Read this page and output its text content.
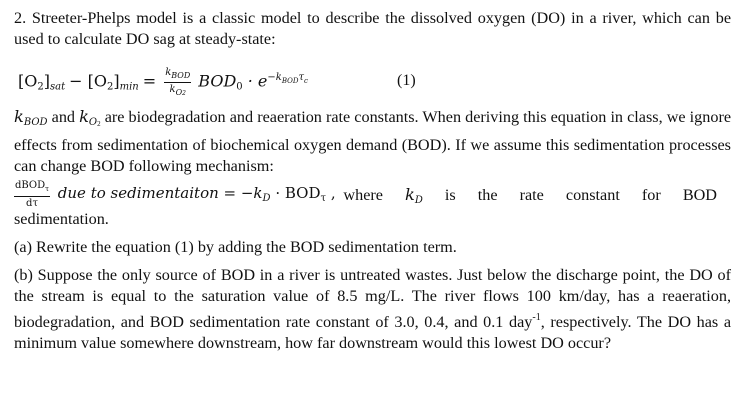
2. Streeter-Phelps model is a classic model to describe the dissolved oxygen (DO) in a river, which can be used to calculate DO sag at steady-state:

$[O_2]_{sat} - [O_2]_{min} = \frac{k_{BOD}}{k_{O2}} BOD_0 \cdot e^{-k_{BOD}\tau_c}$	(1)

$k_{BOD}$ and $k_{O2}$ are biodegradation and reaeration rate constants. When deriving this equation in class, we ignore effects from sedimentation of biochemical oxygen demand (BOD). If we assume this sedimentation processes can change BOD following mechanism:

$\frac{dBOD_\tau}{d\tau}$ due to sedimentaiton = $-k_D \cdot BOD_\tau$ , where $k_D$ is the rate constant for BOD

sedimentation.

(a) Rewrite the equation (1) by adding the BOD sedimentation term.

(b) Suppose the only source of BOD in a river is untreated wastes. Just below the discharge point, the DO of the stream is equal to the saturation value of 8.5 mg/L. The river flows 100 km/day, has a reaeration, biodegradation, and BOD sedimentation rate constant of 3.0, 0.4, and 0.1 day$^{-1}$, respectively. The DO has a minimum value somewhere downstream, how far downstream would this lowest DO occur?
